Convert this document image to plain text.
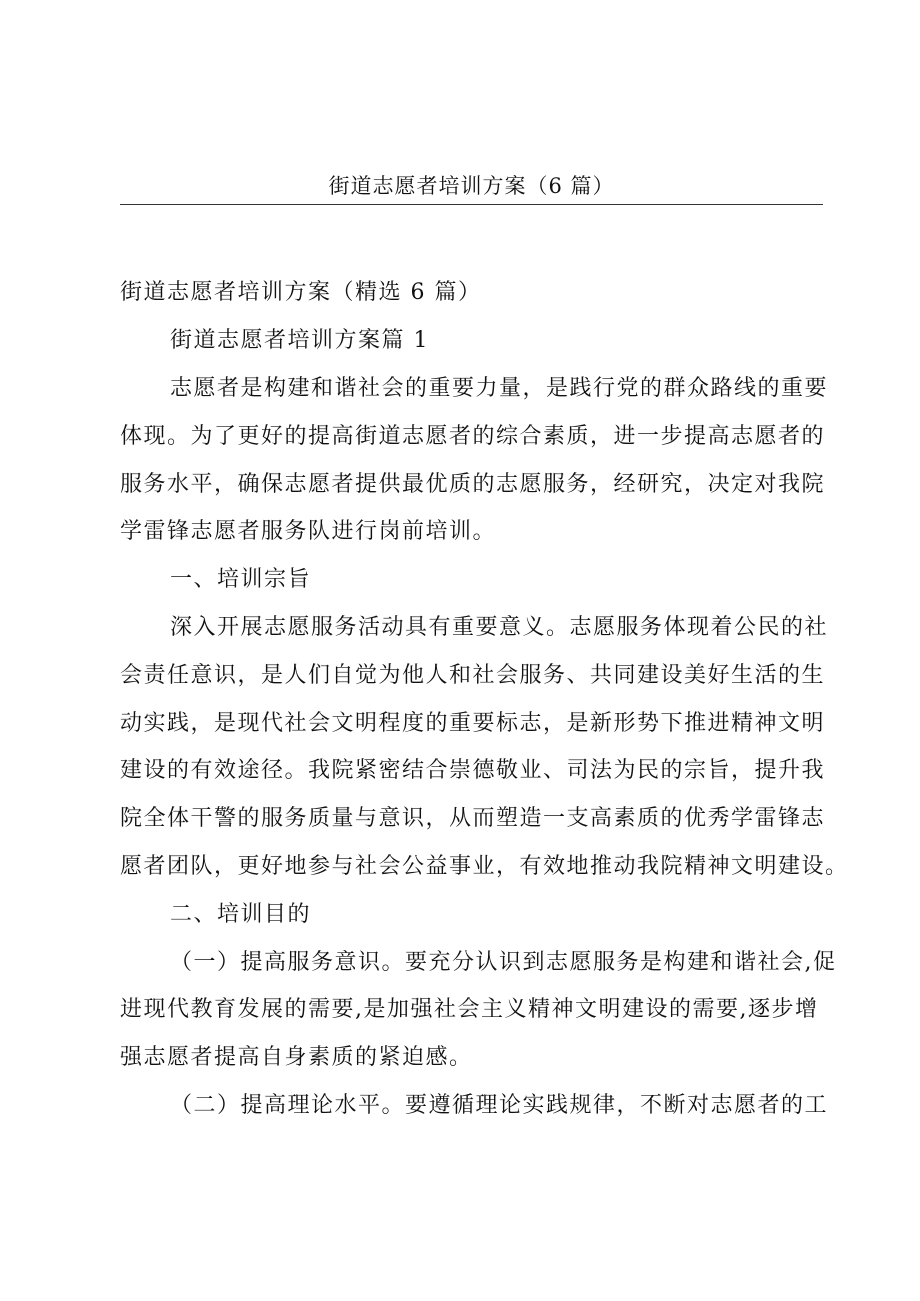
街道志愿者培训方案（6 篇）
街道志愿者培训方案（精选 6 篇）
街道志愿者培训方案篇 1
志愿者是构建和谐社会的重要力量，是践行党的群众路线的重要
体现。为了更好的提高街道志愿者的综合素质，进一步提高志愿者的
服务水平，确保志愿者提供最优质的志愿服务，经研究，决定对我院
学雷锋志愿者服务队进行岗前培训。
一、培训宗旨
深入开展志愿服务活动具有重要意义。志愿服务体现着公民的社
会责任意识，是人们自觉为他人和社会服务、共同建设美好生活的生
动实践，是现代社会文明程度的重要标志，是新形势下推进精神文明
建设的有效途径。我院紧密结合崇德敬业、司法为民的宗旨，提升我
院全体干警的服务质量与意识，从而塑造一支高素质的优秀学雷锋志
愿者团队，更好地参与社会公益事业，有效地推动我院精神文明建设。
二、培训目的
（一）提高服务意识。要充分认识到志愿服务是构建和谐社会,促
进现代教育发展的需要,是加强社会主义精神文明建设的需要,逐步增
强志愿者提高自身素质的紧迫感。
（二）提高理论水平。要遵循理论实践规律，不断对志愿者的工
